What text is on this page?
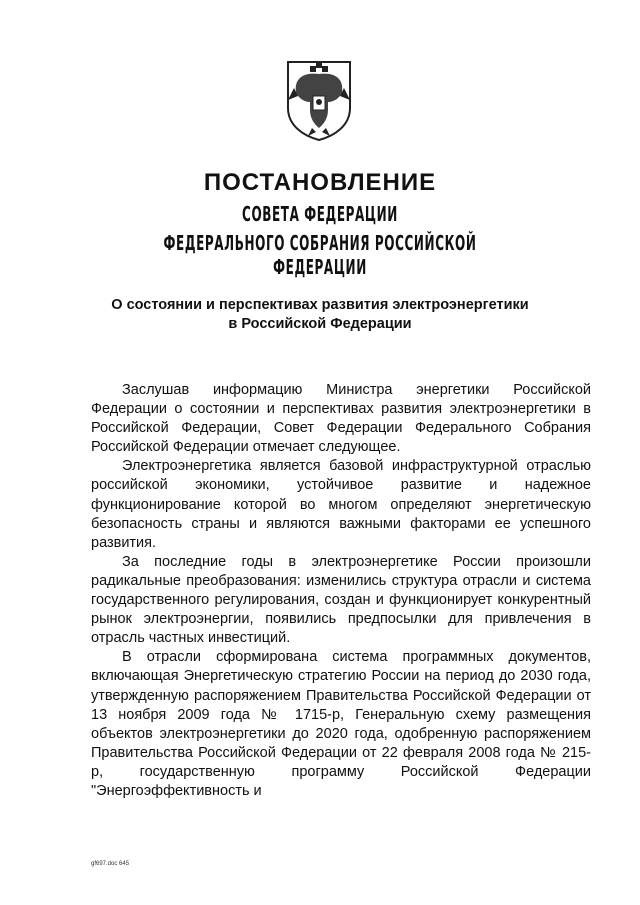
ПОСТАНОВЛЕНИЕ
СОВЕТА ФЕДЕРАЦИИ
ФЕДЕРАЛЬНОГО СОБРАНИЯ РОССИЙСКОЙ ФЕДЕРАЦИИ
О состоянии и перспективах развития электроэнергетики
в Российской Федерации

Заслушав информацию Министра энергетики Российской Федерации о состоянии и перспективах развития электроэнергетики в Российской Федерации, Совет Федерации Федерального Собрания Российской Федерации отмечает следующее.

Электроэнергетика является базовой инфраструктурной отраслью российской экономики, устойчивое развитие и надежное функционирование которой во многом определяют энергетическую безопасность страны и являются важными факторами ее успешного развития.

За последние годы в электроэнергетике России произошли радикальные преобразования: изменились структура отрасли и система государственного регулирования, создан и функционирует конкурентный рынок электроэнергии, появились предпосылки для привлечения в отрасль частных инвестиций.

В отрасли сформирована система программных документов, включающая Энергетическую стратегию России на период до 2030 года, утвержденную распоряжением Правительства Российской Федерации от 13 ноября 2009 года № 1715-р, Генеральную схему размещения объектов электроэнергетики до 2020 года, одобренную распоряжением Правительства Российской Федерации от 22 февраля 2008 года № 215-р, государственную программу Российской Федерации "Энергоэффективность и

gf697.doc 645
